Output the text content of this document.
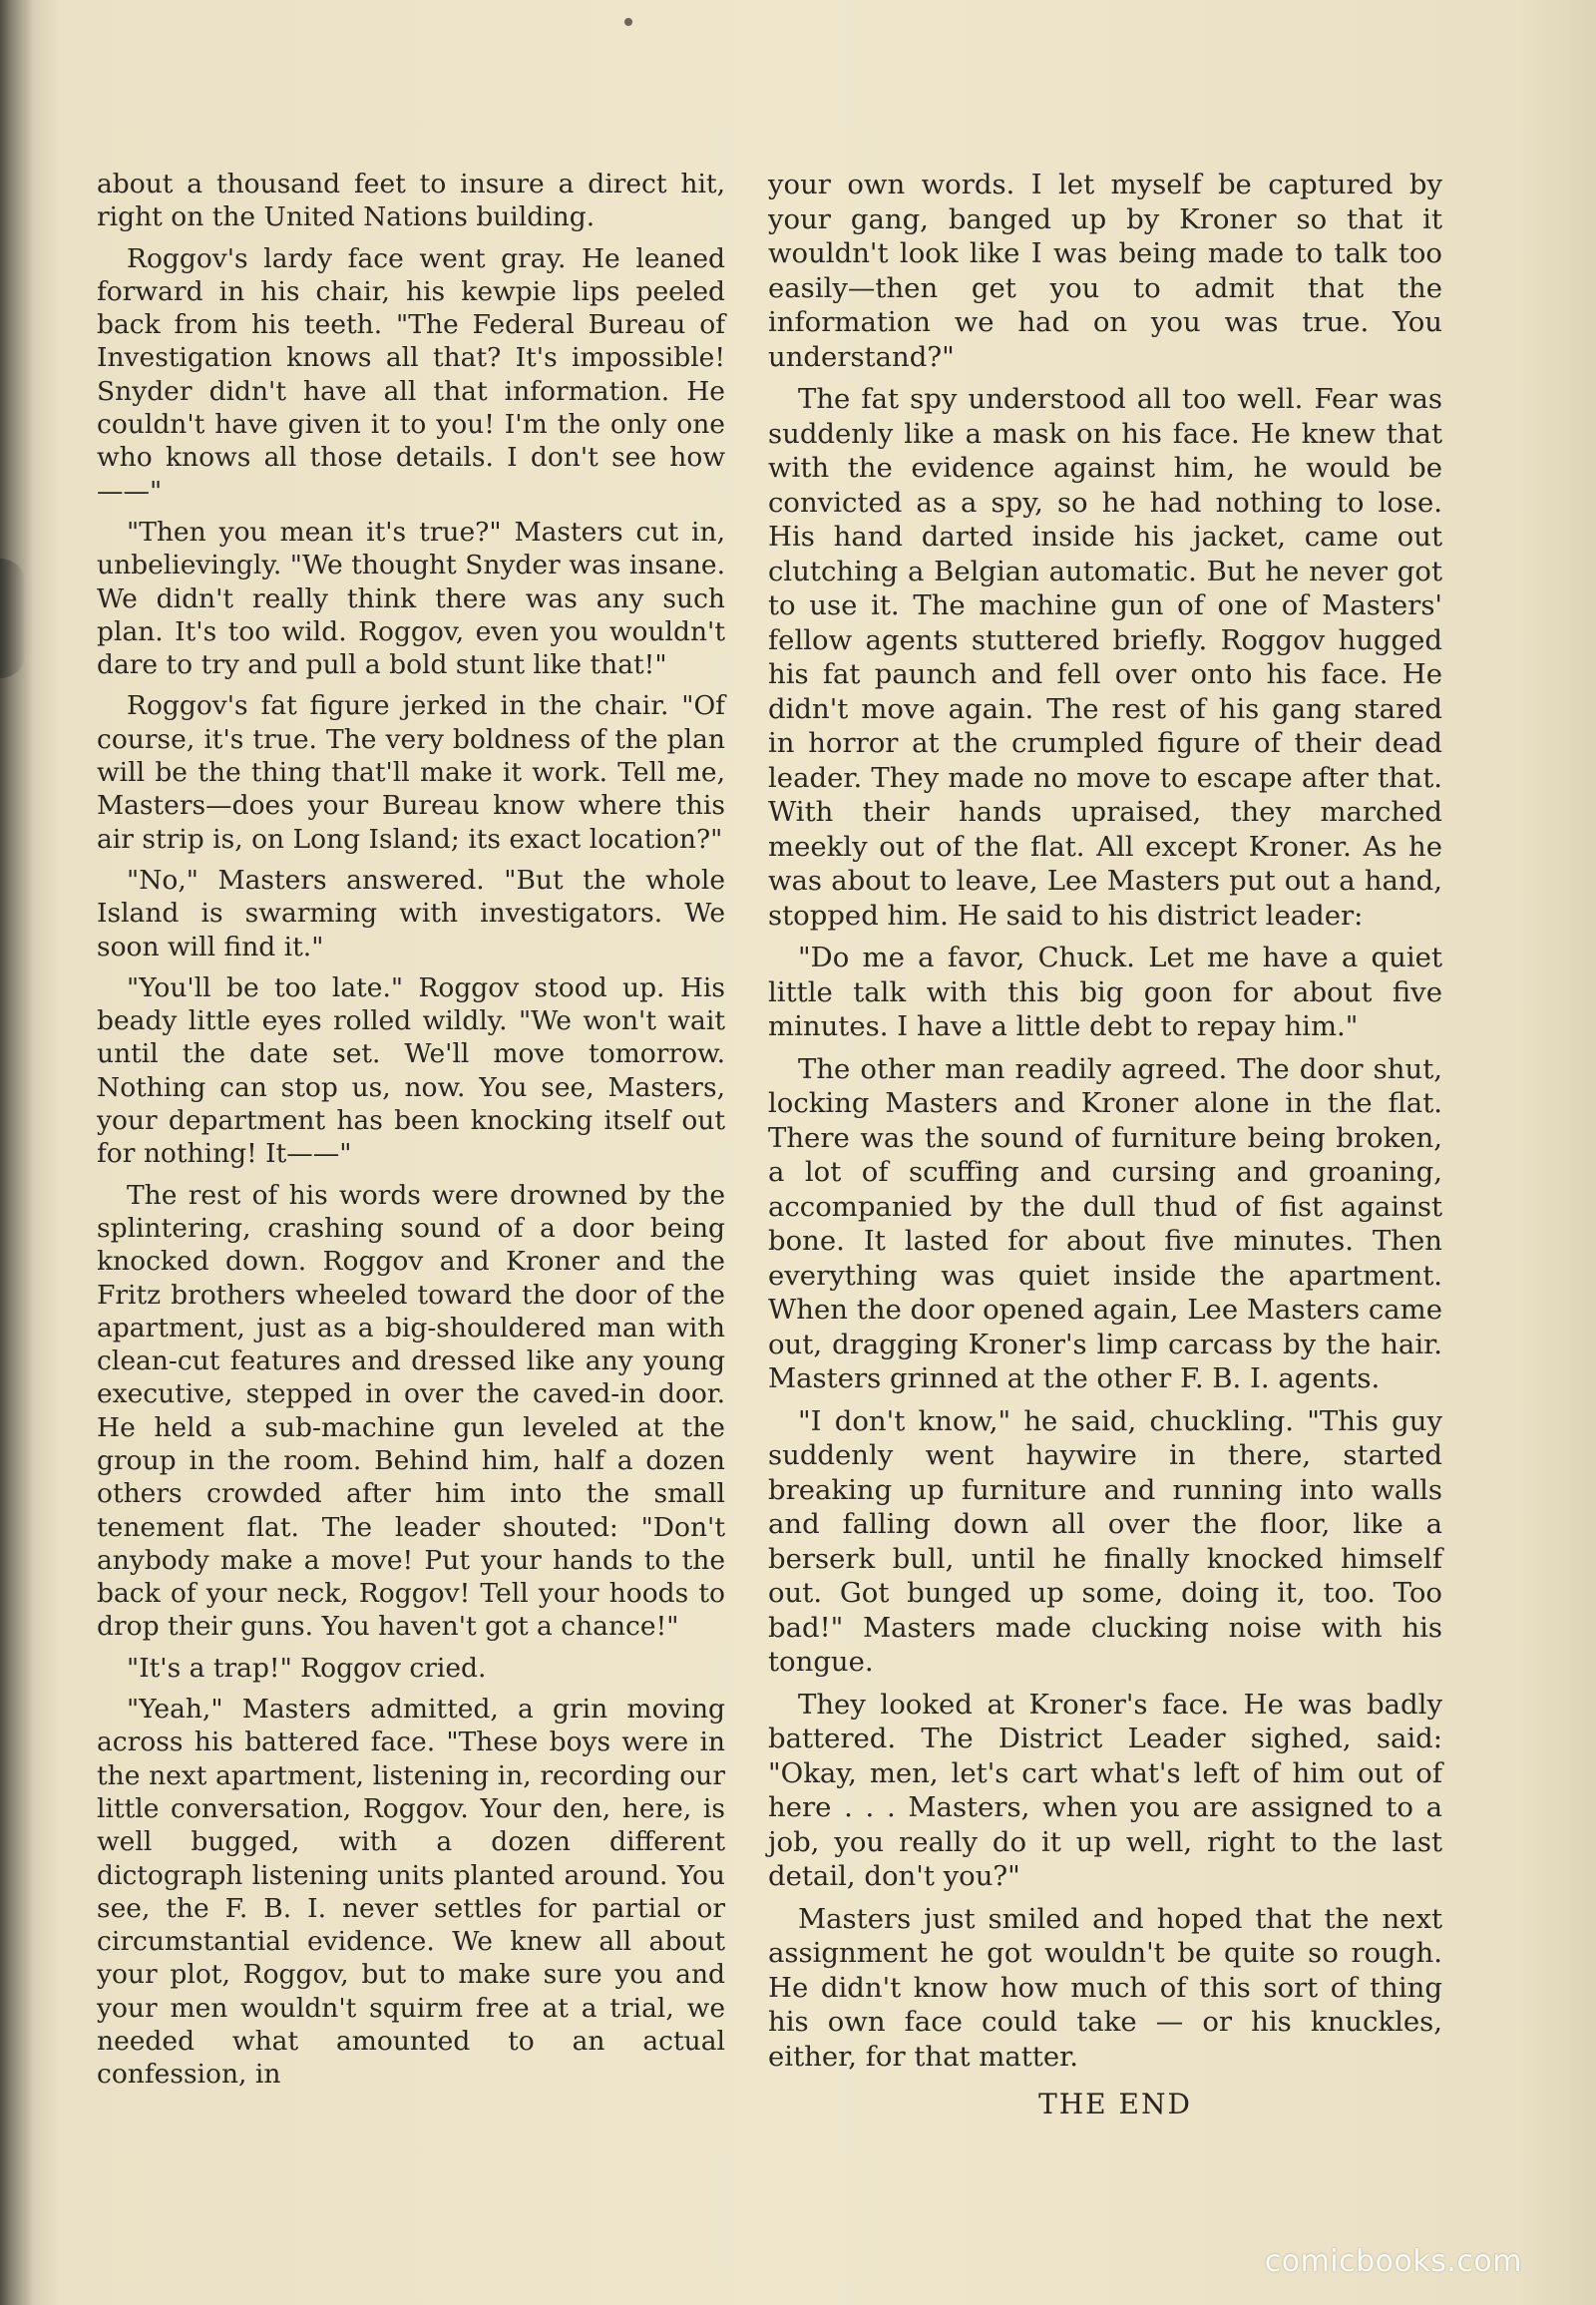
about a thousand feet to insure a direct hit, right on the United Nations building.

Roggov's lardy face went gray. He leaned forward in his chair, his kewpie lips peeled back from his teeth. "The Federal Bureau of Investigation knows all that? It's impossible! Snyder didn't have all that information. He couldn't have given it to you! I'm the only one who knows all those details. I don't see how——"

"Then you mean it's true?" Masters cut in, unbelievingly. "We thought Snyder was insane. We didn't really think there was any such plan. It's too wild. Roggov, even you wouldn't dare to try and pull a bold stunt like that!"

Roggov's fat figure jerked in the chair. "Of course, it's true. The very boldness of the plan will be the thing that'll make it work. Tell me, Masters—does your Bureau know where this air strip is, on Long Island; its exact location?"

"No," Masters answered. "But the whole Island is swarming with investigators. We soon will find it."

"You'll be too late." Roggov stood up. His beady little eyes rolled wildly. "We won't wait until the date set. We'll move tomorrow. Nothing can stop us, now. You see, Masters, your department has been knocking itself out for nothing! It——"

The rest of his words were drowned by the splintering, crashing sound of a door being knocked down. Roggov and Kroner and the Fritz brothers wheeled toward the door of the apartment, just as a big-shouldered man with clean-cut features and dressed like any young executive, stepped in over the caved-in door. He held a sub-machine gun leveled at the group in the room. Behind him, half a dozen others crowded after him into the small tenement flat. The leader shouted: "Don't anybody make a move! Put your hands to the back of your neck, Roggov! Tell your hoods to drop their guns. You haven't got a chance!"

"It's a trap!" Roggov cried.

"Yeah," Masters admitted, a grin moving across his battered face. "These boys were in the next apartment, listening in, recording our little conversation, Roggov. Your den, here, is well bugged, with a dozen different dictograph listening units planted around. You see, the F. B. I. never settles for partial or circumstantial evidence. We knew all about your plot, Roggov, but to make sure you and your men wouldn't squirm free at a trial, we needed what amounted to an actual confession, in

your own words. I let myself be captured by your gang, banged up by Kroner so that it wouldn't look like I was being made to talk too easily—then get you to admit that the information we had on you was true. You understand?"

The fat spy understood all too well. Fear was suddenly like a mask on his face. He knew that with the evidence against him, he would be convicted as a spy, so he had nothing to lose. His hand darted inside his jacket, came out clutching a Belgian automatic. But he never got to use it. The machine gun of one of Masters' fellow agents stuttered briefly. Roggov hugged his fat paunch and fell over onto his face. He didn't move again. The rest of his gang stared in horror at the crumpled figure of their dead leader. They made no move to escape after that. With their hands upraised, they marched meekly out of the flat. All except Kroner. As he was about to leave, Lee Masters put out a hand, stopped him. He said to his district leader:

"Do me a favor, Chuck. Let me have a quiet little talk with this big goon for about five minutes. I have a little debt to repay him."

The other man readily agreed. The door shut, locking Masters and Kroner alone in the flat. There was the sound of furniture being broken, a lot of scuffing and cursing and groaning, accompanied by the dull thud of fist against bone. It lasted for about five minutes. Then everything was quiet inside the apartment. When the door opened again, Lee Masters came out, dragging Kroner's limp carcass by the hair. Masters grinned at the other F. B. I. agents.

"I don't know," he said, chuckling. "This guy suddenly went haywire in there, started breaking up furniture and running into walls and falling down all over the floor, like a berserk bull, until he finally knocked himself out. Got bunged up some, doing it, too. Too bad!" Masters made clucking noise with his tongue.

They looked at Kroner's face. He was badly battered. The District Leader sighed, said: "Okay, men, let's cart what's left of him out of here . . . Masters, when you are assigned to a job, you really do it up well, right to the last detail, don't you?"

Masters just smiled and hoped that the next assignment he got wouldn't be quite so rough. He didn't know how much of this sort of thing his own face could take — or his knuckles, either, for that matter.

THE END

comicbooks.com
